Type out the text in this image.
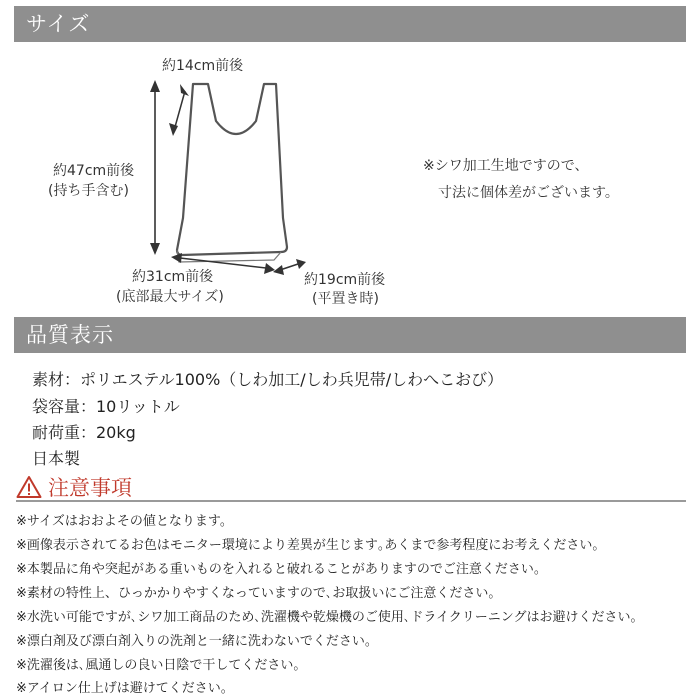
サイズ
約14cm前後
約47cm前後
(持ち手含む)
約31cm前後
(底部最大サイズ)
約19cm前後
(平置き時)
※シワ加工生地ですので、
寸法に個体差がございます。
品質表示
素材：ポリエステル100%（しわ加工/しわ兵児帯/しわへこおび）
袋容量：10リットル
耐荷重：20kg
日本製
注意事項
※サイズはおおよその値となります。
※画像表示されてるお色はモニター環境により差異が生じます｡あくまで参考程度にお考えください。
※本製品に角や突起がある重いものを入れると破れることがありますのでご注意ください。
※素材の特性上、ひっかかりやすくなっていますので､お取扱いにご注意ください。
※水洗い可能ですが､シワ加工商品のため､洗濯機や乾燥機のご使用､ドライクリーニングはお避けください。
※漂白剤及び漂白剤入りの洗剤と一緒に洗わないでください。
※洗濯後は､風通しの良い日陰で干してください。
※アイロン仕上げは避けてください。
